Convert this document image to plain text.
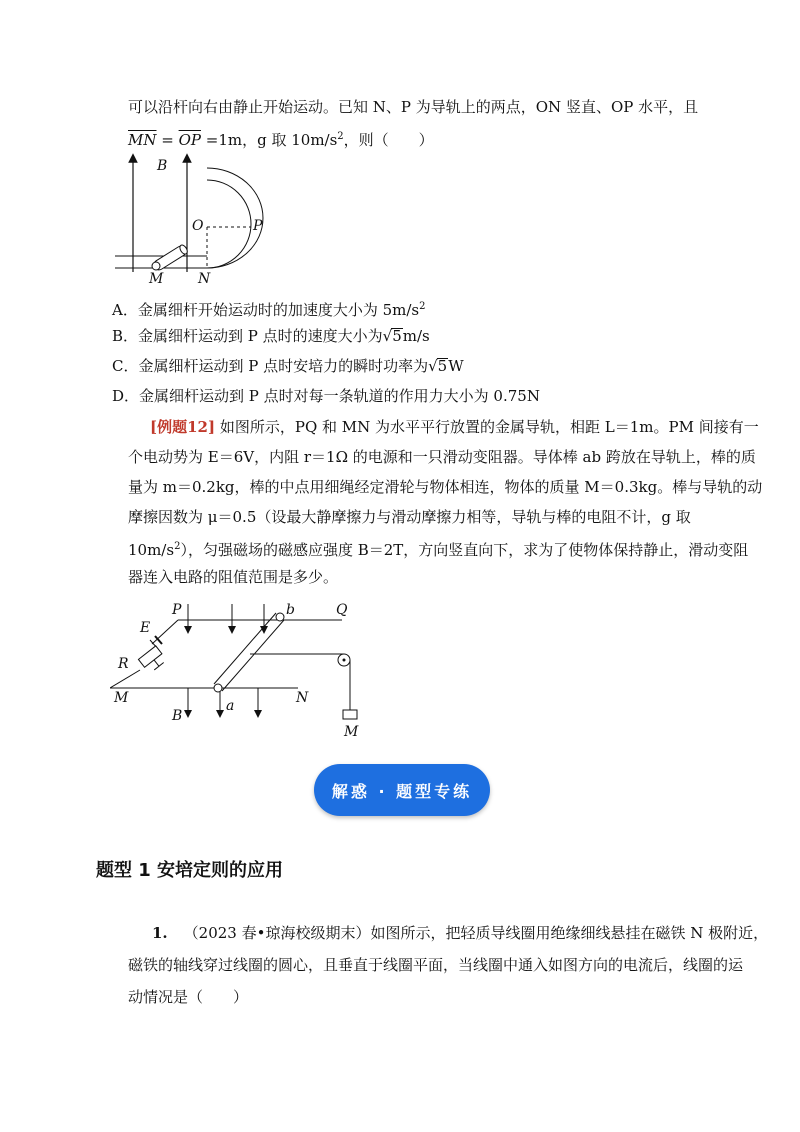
可以沿杆向右由静止开始运动。已知 N、P 为导轨上的两点，ON 竖直、OP 水平，且
$\overline{MN} = \overline{OP} =1m$，g 取 $10m/s^2$，则（　　）
B
O	P
M N
A．金属细杆开始运动时的加速度大小为 $5m/s^2$
B．金属细杆运动到 P 点时的速度大小为√5m/s
C．金属细杆运动到 P 点时安培力的瞬时功率为√5W
D．金属细杆运动到 P 点时对每一条轨道的作用力大小为 0.75N
[例题12] 如图所示，PQ 和 MN 为水平平行放置的金属导轨，相距 L＝1m。PM 间接有一
个电动势为 E＝6V，内阻 r＝1Ω 的电源和一只滑动变阻器。导体棒 ab 跨放在导轨上，棒的质
量为 m＝0.2kg，棒的中点用细绳经定滑轮与物体相连，物体的质量 M＝0.3kg。棒与导轨的动
摩擦因数为 μ＝0.5（设最大静摩擦力与滑动摩擦力相等，导轨与棒的电阻不计，g 取
$10m/s^2$），匀强磁场的磁感应强度 B＝2T，方向竖直向下，求为了使物体保持静止，滑动变阻
器连入电路的阻值范围是多少。
E
R
a
b
P	Q
M	N
B
M
解惑 · 题型专练
题型 1 安培定则的应用
1. （2023 春•琼海校级期末）如图所示，把轻质导线圈用绝缘细线悬挂在磁铁 N 极附近，
磁铁的轴线穿过线圈的圆心，且垂直于线圈平面，当线圈中通入如图方向的电流后，线圈的运
动情况是（　　）
